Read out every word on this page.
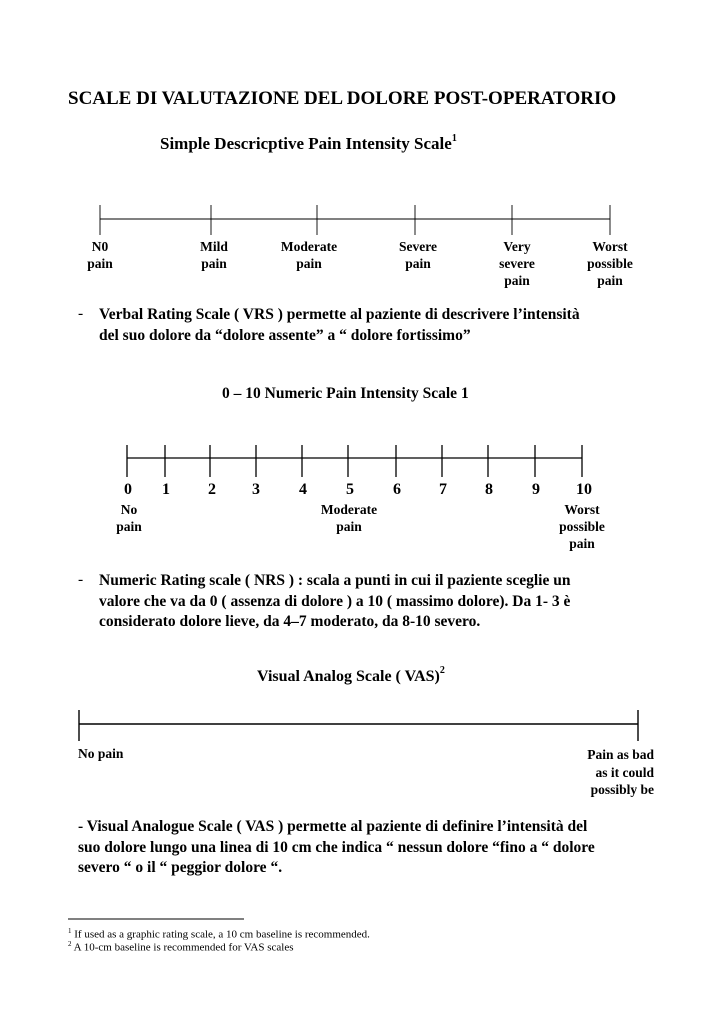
SCALE DI VALUTAZIONE DEL DOLORE POST-OPERATORIO
Simple Descricptive Pain Intensity Scale$^1$
N0
pain
Mild
pain
Moderate
pain
Severe
pain
Very
severe
pain
Worst
possible
pain
- Verbal Rating Scale ( VRS ) permette al paziente di descrivere l’intensità
del suo dolore da “dolore assente” a “ dolore fortissimo”
0 – 10 Numeric Pain Intensity Scale 1
0 1 2 3 4 5 6 7 8 9 10
No
pain
Moderate
pain
Worst
possible
pain
- Numeric Rating scale ( NRS ) : scala a punti in cui il paziente sceglie un
valore che va da 0 ( assenza di dolore ) a 10 ( massimo dolore). Da 1- 3 è
considerato dolore lieve, da 4–7 moderato, da 8-10 severo.
Visual Analog Scale ( VAS)$^2$
No pain	Pain as bad
as it could
possibly be
- Visual Analogue Scale ( VAS ) permette al paziente di definire l’intensità del
suo dolore lungo una linea di 10 cm che indica “ nessun dolore “fino a “ dolore
severo “ o il “ peggior dolore “.
$^1$ If used as a graphic rating scale, a 10 cm baseline is recommended.
$^2$ A 10-cm baseline is recommended for VAS scales
